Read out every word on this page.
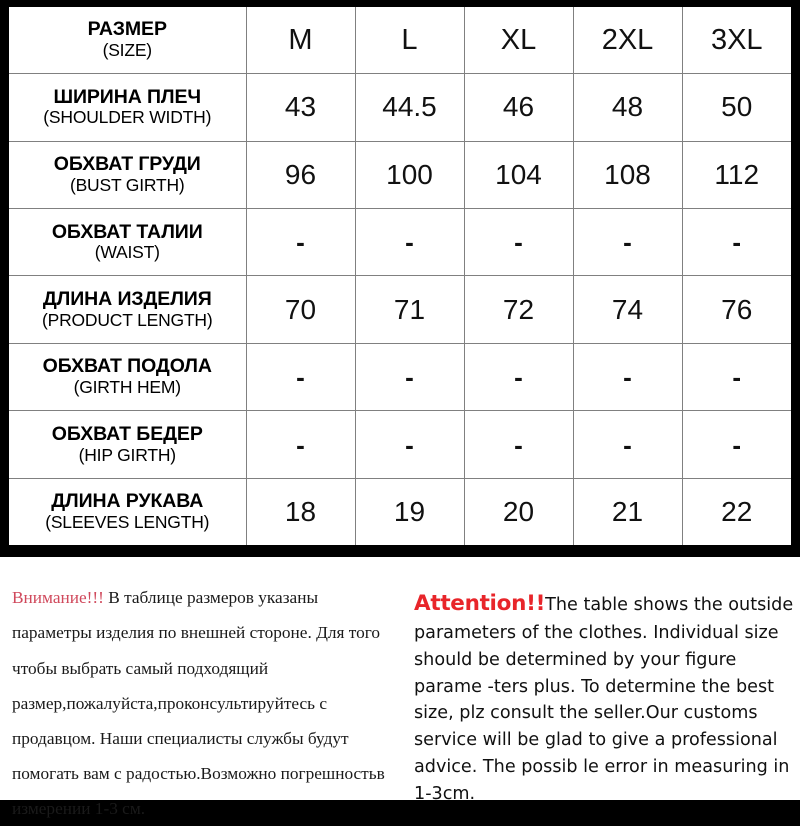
РАЗМЕР
(SIZE)	M	L	XL	2XL	3XL

ШИРИНА ПЛЕЧ
(SHOULDER WIDTH)	43	44.5	46	48	50

ОБХВАТ ГРУДИ
(BUST GIRTH)	96	100	104	108	112

ОБХВАТ ТАЛИИ
(WAIST)	-	-	-	-	-

ДЛИНА ИЗДЕЛИЯ
(PRODUCT LENGTH)	70	71	72	74	76

ОБХВАТ ПОДОЛА
(GIRTH HEM)	-	-	-	-	-

ОБХВАТ БЕДЕР
(HIP GIRTH)	-	-	-	-	-

ДЛИНА РУКАВА
(SLEEVES LENGTH)	18	19	20	21	22

Внимание!!! В таблице размеров указаны параметры изделия по внешней стороне. Для того чтобы выбрать самый подходящий размер,пожалуйста,проконсультируйтесь с продавцом. Наши специалисты службы будут помогать вам с радостью.Возможно погрешностьв измерении 1-3 см.

Attention!!The table shows the outside parameters of the clothes. Individual size should be determined by your figure parame -ters plus. To determine the best size, plz consult the seller.Our customs service will be glad to give a professional advice. The possib le error in measuring in 1-3cm.
